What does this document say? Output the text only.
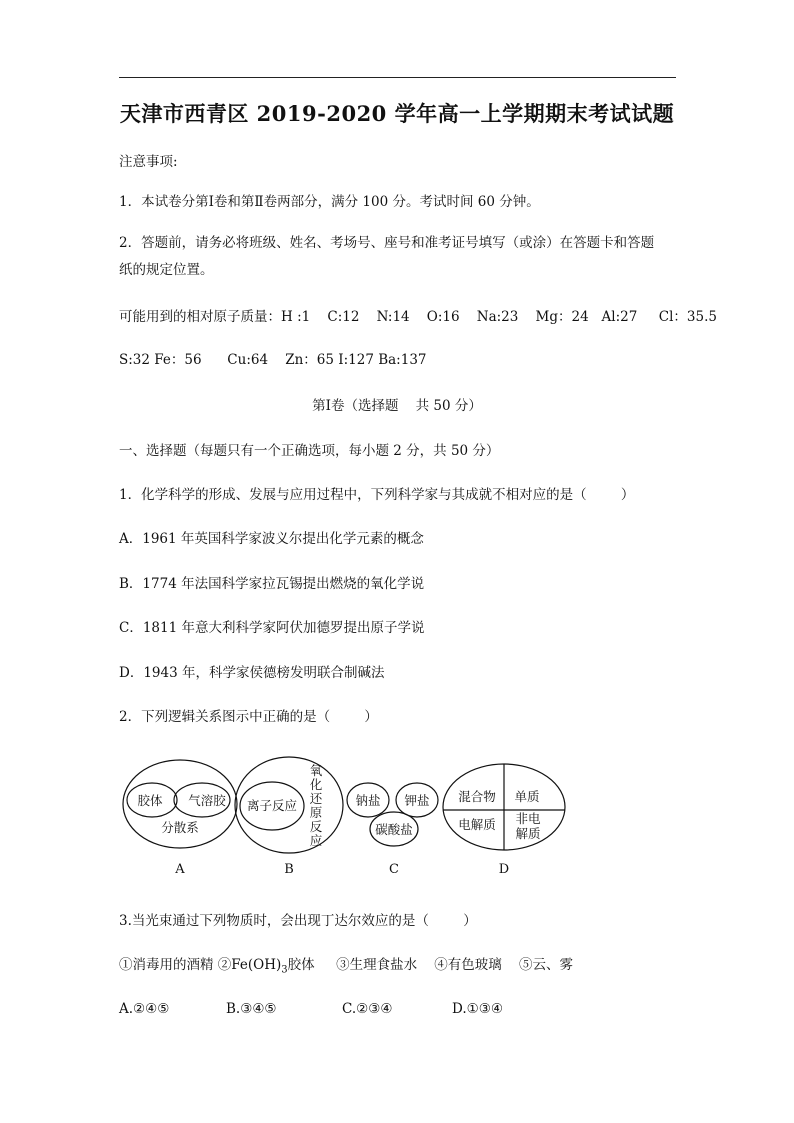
天津市西青区 2019-2020 学年高一上学期期末考试试题
注意事项:
1．本试卷分第Ⅰ卷和第Ⅱ卷两部分，满分 100 分。考试时间 60 分钟。
2．答题前，请务必将班级、姓名、考场号、座号和准考证号填写（或涂）在答题卡和答题
纸的规定位置。
可能用到的相对原子质量：H :1    C:12    N:14    O:16    Na:23    Mg：24   Al:27     Cl：35.5
S:32 Fe：56      Cu:64    Zn：65 I:127 Ba:137
第Ⅰ卷（选择题    共 50 分）
一、选择题（每题只有一个正确选项，每小题 2 分，共 50 分）
1．化学科学的形成、发展与应用过程中，下列科学家与其成就不相对应的是（        ）
A．1961 年英国科学家波义尔提出化学元素的概念
B．1774 年法国科学家拉瓦锡提出燃烧的氧化学说
C．1811 年意大利科学家阿伏加德罗提出原子学说
D．1943 年，科学家侯德榜发明联合制碱法
2．下列逻辑关系图示中正确的是（        ）
胶体 气溶胶
分散系
A
离子反应
氧
化
还
原
反
应
B
钠盐 钾盐
碳酸盐
C
混合物 单质
电解质 非电
解质
D
3.当光束通过下列物质时，会出现丁达尔效应的是（        ）
①消毒用的酒精 $②Fe(OH)_3$胶体     ③生理食盐水    ④有色玻璃    ⑤云、雾
A.②④⑤	B.③④⑤	C.②③④	D.①③④
